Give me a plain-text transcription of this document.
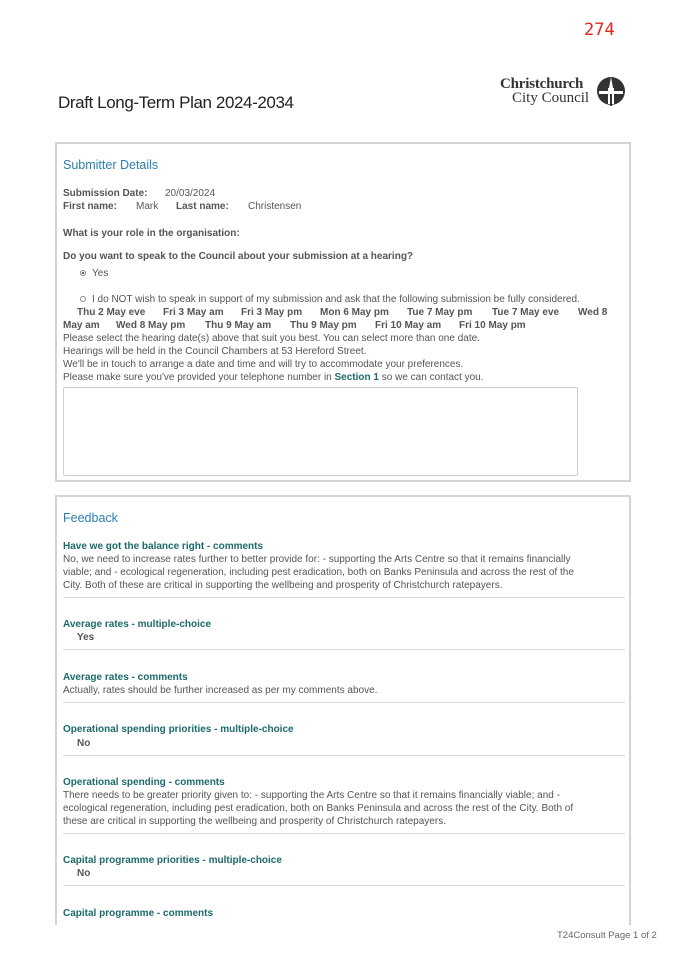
274
Draft Long-Term Plan 2024-2034
Christchurch
City Council
Submitter Details
Submission Date: 20/03/2024
First name: Mark Last name: Christensen
What is your role in the organisation:
Do you want to speak to the Council about your submission at a hearing?
Yes
I do NOT wish to speak in support of my submission and ask that the following submission be fully considered.
Thu 2 May eve Fri 3 May am Fri 3 May pm Mon 6 May pm Tue 7 May pm Tue 7 May eve Wed 8
May am Wed 8 May pm Thu 9 May am Thu 9 May pm Fri 10 May am Fri 10 May pm
Please select the hearing date(s) above that suit you best. You can select more than one date.
Hearings will be held in the Council Chambers at 53 Hereford Street.
We'll be in touch to arrange a date and time and will try to accommodate your preferences.
Please make sure you've provided your telephone number in Section 1 so we can contact you.
Feedback
Have we got the balance right - comments
No, we need to increase rates further to better provide for: - supporting the Arts Centre so that it remains financially
viable; and - ecological regeneration, including pest eradication, both on Banks Peninsula and across the rest of the
City. Both of these are critical in supporting the wellbeing and prosperity of Christchurch ratepayers.
Average rates - multiple-choice
Yes
Average rates - comments
Actually, rates should be further increased as per my comments above.
Operational spending priorities - multiple-choice
No
Operational spending - comments
There needs to be greater priority given to: - supporting the Arts Centre so that it remains financially viable; and -
ecological regeneration, including pest eradication, both on Banks Peninsula and across the rest of the City. Both of
these are critical in supporting the wellbeing and prosperity of Christchurch ratepayers.
Capital programme priorities - multiple-choice
No
Capital programme - comments
T24Consult Page 1 of 2
